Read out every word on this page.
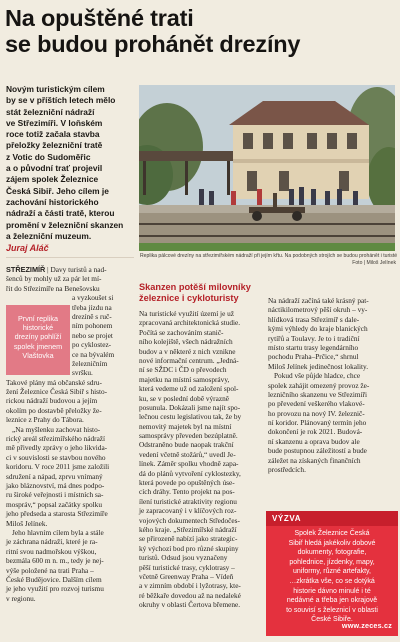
Na opuštěné trati
se budou prohánět drezíny
Novým turistickým cílem
by se v příštích letech mělo
stát železniční nádraží
ve Střezimíři. V loňském
roce totiž začala stavba
přeložky železniční tratě
z Votic do Sudoměřic
a o původní trať projevil
zájem spolek Železnice
Česká Sibiř. Jeho cílem je
zachování historického
nádraží a části tratě, kterou
promění v železniční skanzen
a železniční muzeum.
Replika pálcové drezíny na střezimířském nádraží při jejím křtu. Na podobných strojích se budou prohánět i turisté
Foto | Miloš Jelínek
Juraj Aláč
STŘEZIMÍŘ | Davy turistů a nad-
šenců by mohly už za pár let mí-
řit do Střezimíře na Benešovsku
a vyzkoušet si
třeba jízdu na
drezíně s ruč-
ním pohonem
nebo se projet
po cyklostez-
ce na bývalém
železničním
svršku.
Takové plány má občanské sdru-
žení Železnice Česká Sibiř s histo-
rickou nádraží budovou a jejím
okolím po dostavbě přeložky že-
leznice z Prahy do Tábora.
„Na myšlenku zachovat histo-
rický areál střezimířského nádraží
mě přivedly zprávy o jeho likvida-
ci v souvislosti se stavbou nového
koridoru. V roce 2011 jsme založili
sdružení a nápad, zprvu vnímaný
jako bláznovství, má dnes podpo-
ru široké veřejnosti i místních sa-
mospráv,“ popsal začátky spolku
jeho předseda a starosta Střezimíře
Miloš Jelínek.
Jeho hlavním cílem byla a stále
je záchrana nádraží, které je ra-
ritní svou nadmořskou výškou,
bezmála 600 m n. m., tedy je nej-
výše položené na trati Praha –
České Budějovice. Dalším cílem
je jeho využití pro rozvoj turismu
v regionu.
První replika
historické
drezíny pohlíží
spolek jmenem
Vlaštovka
Na turistické využití území je už
zpracovaná architektonická studie.
Počítá se zachováním stanič-
ního kolejiště, všech nádražních
budov a v některé z nich vznikne
nové informační centrum. „Jedná-
ní se SŽDC i ČD o převodech
majetku na místní samosprávy,
která vedeme už od založení spol-
ku, se v poslední době výrazně
posunula. Dokázali jsme najít spo-
lečnou cestu legislativou tak, že by
nemovitý majetek byl na místní
samosprávy převeden bezúplatně.
Odstraněno bude naopak trakční
vedení včetně stožárů,“ uvedl Je-
línek. Záměr spolku vhodně zapa-
dá do plánů vytvoření cyklostezky,
která povede po opuštěných úse-
cích dráhy. Tento projekt na pos-
ílení turistické atraktivity regionu
je zapracovaný i v klíčových roz-
vojových dokumentech Středočes-
kého kraje. „Střezimířské nádraží
se přirozeně nabízí jako strategic-
ký výchozí bod pro různé skupiny
turistů. Odsud jsou vyznačeny
pěší turistické trasy, cyklotrasy –
včetně Greenway Praha – Vídeň
a v zimním období i lyžotrasy, kte-
ré běžkaře dovedou až na nedaleké
okruhy v oblasti Čertova břemene.
Skanzen potěší milovníky
železnice i cykloturisty	Na nádraží začíná také krásný pat-
náctikilometrový pěší okruh – vy-
hlídková trasa Střezimíř s dale-
kými výhledy do kraje blanických
rytířů a Toulavy. Je to i tradiční
místo startu trasy legendárního
pochodu Praha–Prčice,“ shrnul
Miloš Jelínek jedinečnost lokality.
Pokud vše půjde hladce, chce
spolek zahájit omezený provoz že-
lezničního skanzenu ve Střezimíři
po převedení veškerého vlakové-
ho provozu na nový IV. železnič-
ní koridor. Plánovaný termín jeho
dokončení je rok 2021. Budová-
ní skanzenu a oprava budov ale
bude postupnou záležitostí a bude
záležet na získaných finančních
prostředcích.
VÝZVA
Spolek Železnice Česká
Sibiř hledá jakékoliv dobové
dokumenty, fotografie,
pohlednice, jízdenky, mapy,
uniformy, různé artefakty,
…zkrátka vše, co se dotýká
historie dávno minulé i té
nedávné a třeba jen okrajově
to souvisí s železnicí v oblasti
České Sibiře.
www.zeces.cz
